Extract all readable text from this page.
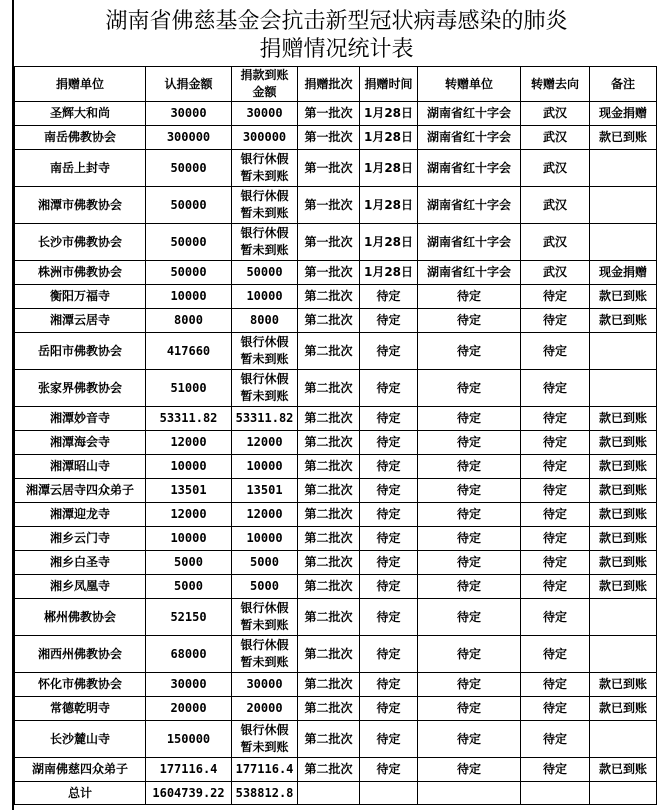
湖南省佛慈基金会抗击新型冠状病毒感染的肺炎
捐赠情况统计表
捐赠单位	认捐金额	捐款到账金额	捐赠批次	捐赠时间	转赠单位	转赠去向	备注
圣辉大和尚	30000	30000	第一批次	1月28日	湖南省红十字会	武汉	现金捐赠
南岳佛教协会	300000	300000	第一批次	1月28日	湖南省红十字会	武汉	款已到账
南岳上封寺	50000	银行休假暂未到账	第一批次	1月28日	湖南省红十字会	武汉	
湘潭市佛教协会	50000	银行休假暂未到账	第一批次	1月28日	湖南省红十字会	武汉	
长沙市佛教协会	50000	银行休假暂未到账	第一批次	1月28日	湖南省红十字会	武汉	
株洲市佛教协会	50000	50000	第一批次	1月28日	湖南省红十字会	武汉	现金捐赠
衡阳万福寺	10000	10000	第二批次	待定	待定	待定	款已到账
湘潭云居寺	8000	8000	第二批次	待定	待定	待定	款已到账
岳阳市佛教协会	417660	银行休假暂未到账	第二批次	待定	待定	待定	
张家界佛教协会	51000	银行休假暂未到账	第二批次	待定	待定	待定	
湘潭妙音寺	53311.82	53311.82	第二批次	待定	待定	待定	款已到账
湘潭海会寺	12000	12000	第二批次	待定	待定	待定	款已到账
湘潭昭山寺	10000	10000	第二批次	待定	待定	待定	款已到账
湘潭云居寺四众弟子	13501	13501	第二批次	待定	待定	待定	款已到账
湘潭迎龙寺	12000	12000	第二批次	待定	待定	待定	款已到账
湘乡云门寺	10000	10000	第二批次	待定	待定	待定	款已到账
湘乡白圣寺	5000	5000	第二批次	待定	待定	待定	款已到账
湘乡凤凰寺	5000	5000	第二批次	待定	待定	待定	款已到账
郴州佛教协会	52150	银行休假暂未到账	第二批次	待定	待定	待定	
湘西州佛教协会	68000	银行休假暂未到账	第二批次	待定	待定	待定	
怀化市佛教协会	30000	30000	第二批次	待定	待定	待定	款已到账
常德乾明寺	20000	20000	第二批次	待定	待定	待定	款已到账
长沙麓山寺	150000	银行休假暂未到账	第二批次	待定	待定	待定	
湖南佛慈四众弟子	177116.4	177116.4	第二批次	待定	待定	待定	款已到账
总计	1604739.22	538812.8					
